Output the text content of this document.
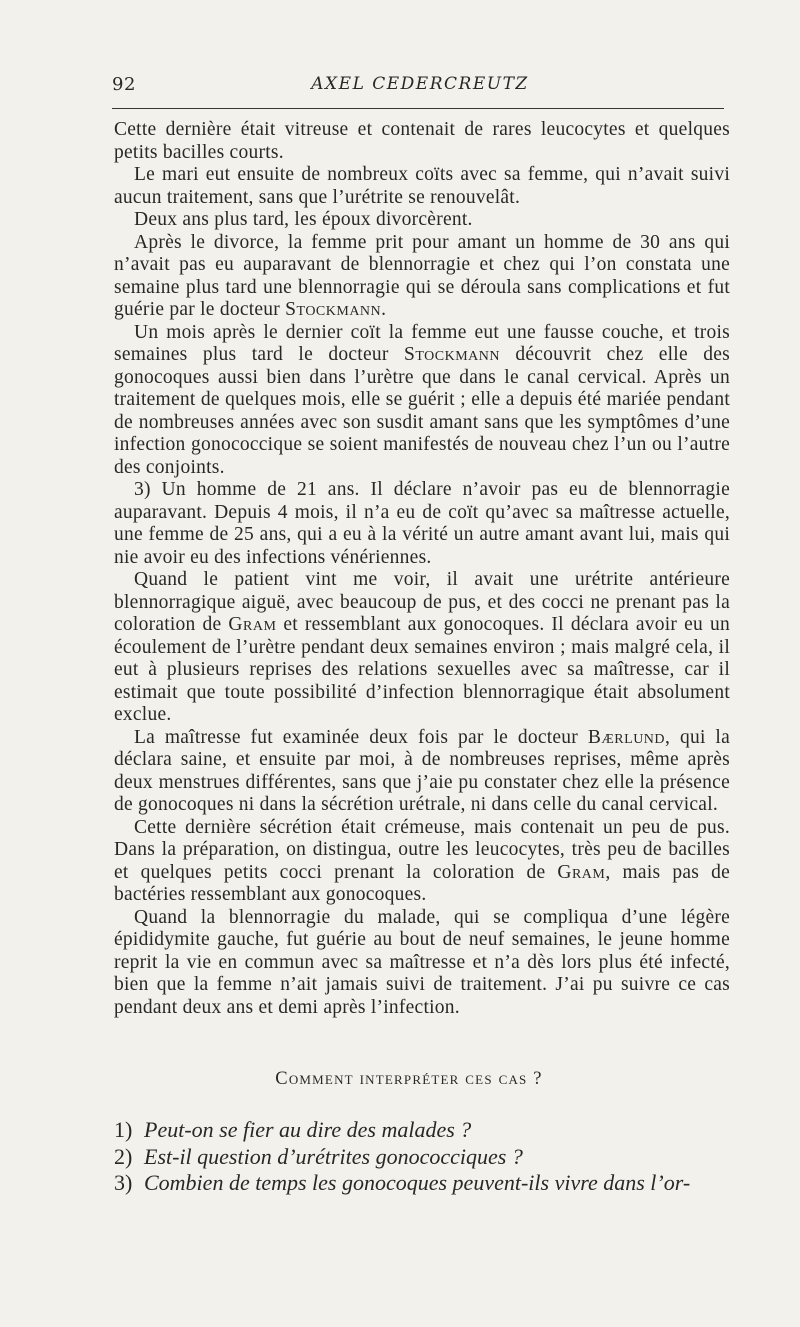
92	AXEL CEDERCREUTZ

Cette dernière était vitreuse et contenait de rares leucocytes et quelques petits bacilles courts.

Le mari eut ensuite de nombreux coïts avec sa femme, qui n’avait suivi aucun traitement, sans que l’urétrite se renouvelât.

Deux ans plus tard, les époux divorcèrent.

Après le divorce, la femme prit pour amant un homme de 30 ans qui n’avait pas eu auparavant de blennorragie et chez qui l’on constata une semaine plus tard une blennorragie qui se déroula sans complications et fut guérie par le docteur Stockmann.

Un mois après le dernier coït la femme eut une fausse couche, et trois semaines plus tard le docteur Stockmann découvrit chez elle des gonocoques aussi bien dans l’urètre que dans le canal cervical. Après un traitement de quelques mois, elle se guérit ; elle a depuis été mariée pendant de nombreuses années avec son susdit amant sans que les symptômes d’une infection gonococcique se soient manifestés de nouveau chez l’un ou l’autre des conjoints.

3) Un homme de 21 ans. Il déclare n’avoir pas eu de blennorragie auparavant. Depuis 4 mois, il n’a eu de coït qu’avec sa maîtresse actuelle, une femme de 25 ans, qui a eu à la vérité un autre amant avant lui, mais qui nie avoir eu des infections vénériennes.

Quand le patient vint me voir, il avait une urétrite antérieure blennorragique aiguë, avec beaucoup de pus, et des cocci ne prenant pas la coloration de Gram et ressemblant aux gonocoques. Il déclara avoir eu un écoulement de l’urètre pendant deux semaines environ ; mais malgré cela, il eut à plusieurs reprises des relations sexuelles avec sa maîtresse, car il estimait que toute possibilité d’infection blennorragique était absolument exclue.

La maîtresse fut examinée deux fois par le docteur Bærlund, qui la déclara saine, et ensuite par moi, à de nombreuses reprises, même après deux menstrues différentes, sans que j’aie pu constater chez elle la présence de gonocoques ni dans la sécrétion urétrale, ni dans celle du canal cervical.

Cette dernière sécrétion était crémeuse, mais contenait un peu de pus. Dans la préparation, on distingua, outre les leucocytes, très peu de bacilles et quelques petits cocci prenant la coloration de Gram, mais pas de bactéries ressemblant aux gonocoques.

Quand la blennorragie du malade, qui se compliqua d’une légère épididymite gauche, fut guérie au bout de neuf semaines, le jeune homme reprit la vie en commun avec sa maîtresse et n’a dès lors plus été infecté, bien que la femme n’ait jamais suivi de traitement. J’ai pu suivre ce cas pendant deux ans et demi après l’infection.

Comment interpréter ces cas ?
1) Peut-on se fier au dire des malades ?
2) Est-il question d’urétrites gonococciques ?
3) Combien de temps les gonocoques peuvent-ils vivre dans l’or-
